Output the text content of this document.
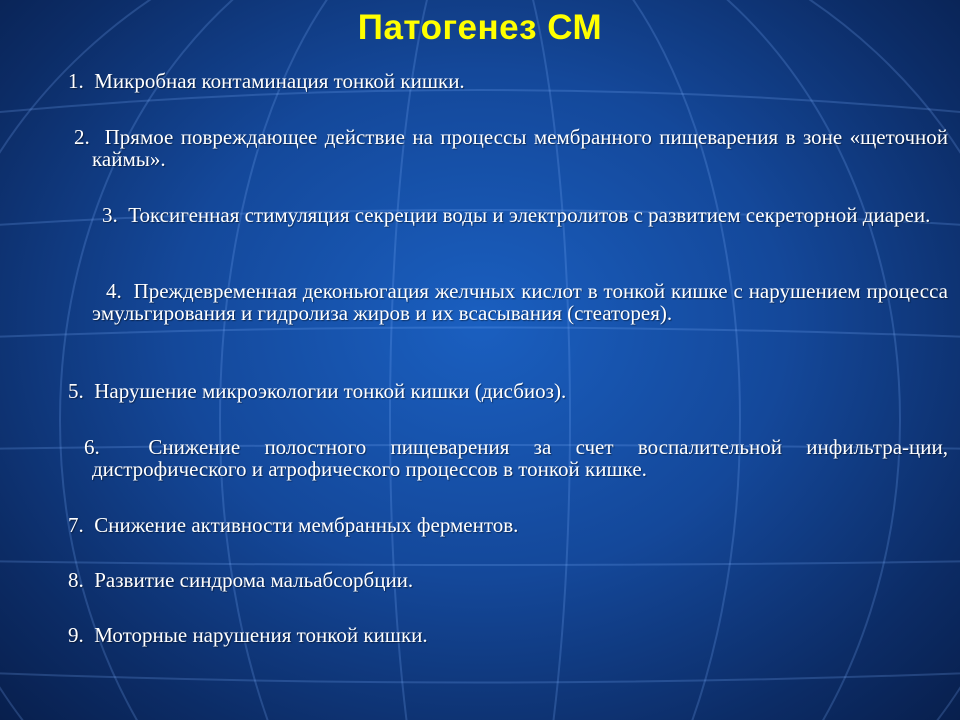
Патогенез СМ

1. Микробная контаминация тонкой кишки.

2. Прямое повреждающее действие на процессы мембранного пищеварения в зоне «щеточной каймы».

3. Токсигенная стимуляция секреции воды и электролитов с развитием секреторной диареи.

4. Преждевременная деконьюгация желчных кислот в тонкой кишке с нарушением процесса эмульгирования и гидролиза жиров и их всасывания (стеаторея).

5. Нарушение микроэкологии тонкой кишки (дисбиоз).

6. Снижение полостного пищеварения за счет воспалительной инфильтра-ции, дистрофического и атрофического процессов в тонкой кишке.

7. Снижение активности мембранных ферментов.

8. Развитие синдрома мальабсорбции.

9. Моторные нарушения тонкой кишки.
